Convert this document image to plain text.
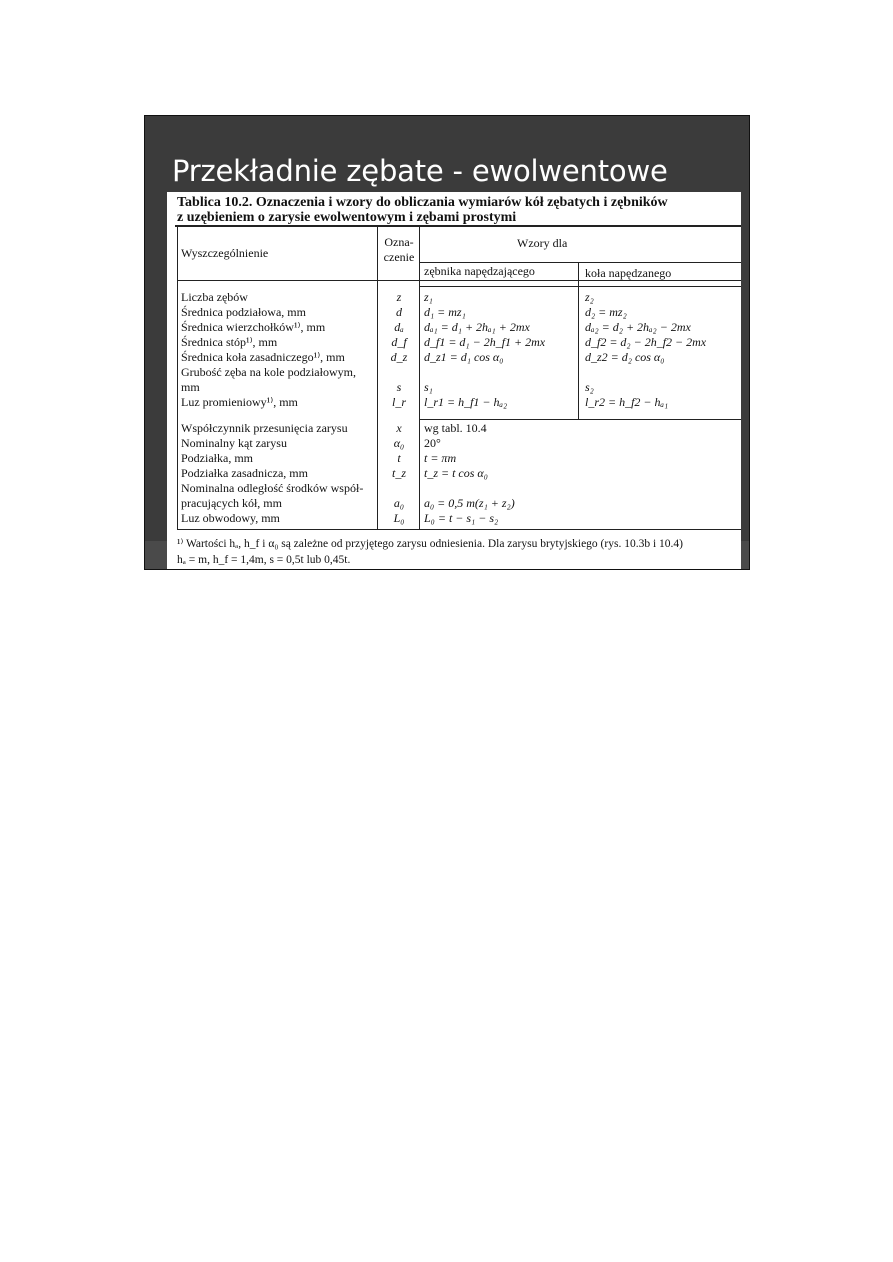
Przekładnie zębate - ewolwentowe
Tablica 10.2. Oznaczenia i wzory do obliczania wymiarów kół zębatych i zębników
z uzębieniem o zarysie ewolwentowym i zębami prostymi
Wyszczególnienie
Ozna-
czenie
Wzory dla
zębnika napędzającego	koła napędzanego
Liczba zębów
Średnica podziałowa, mm
Średnica wierzchołków¹⁾, mm
Średnica stóp¹⁾, mm
Średnica koła zasadniczego¹⁾, mm
Grubość zęba na kole podziałowym,
mm
Luz promieniowy¹⁾, mm
z
d
dₐ
d_f
d_z
s
l_r
z₁
d₁ = mz₁
dₐ₁ = d₁ + 2hₐ₁ + 2mx
d_f1 = d₁ − 2h_f1 + 2mx
d_z1 = d₁ cos α₀
s₁
l_r1 = h_f1 − hₐ₂
z₂
d₂ = mz₂
dₐ₂ = d₂ + 2hₐ₂ − 2mx
d_f2 = d₂ − 2h_f2 − 2mx
d_z2 = d₂ cos α₀
s₂
l_r2 = h_f2 − hₐ₁
Współczynnik przesunięcia zarysu
Nominalny kąt zarysu
Podziałka, mm
Podziałka zasadnicza, mm
Nominalna odległość środków współ-
pracujących kół, mm
Luz obwodowy, mm
x
α₀
t
t_z
a₀
L₀
wg tabl. 10.4
20°
t = πm
t_z = t cos α₀
a₀ = 0,5 m(z₁ + z₂)
L₀ = t − s₁ − s₂
¹⁾ Wartości hₐ, h_f i α₀ są zależne od przyjętego zarysu odniesienia. Dla zarysu brytyjskiego (rys. 10.3b i 10.4)
hₐ = m, h_f = 1,4m, s = 0,5t lub 0,45t.
